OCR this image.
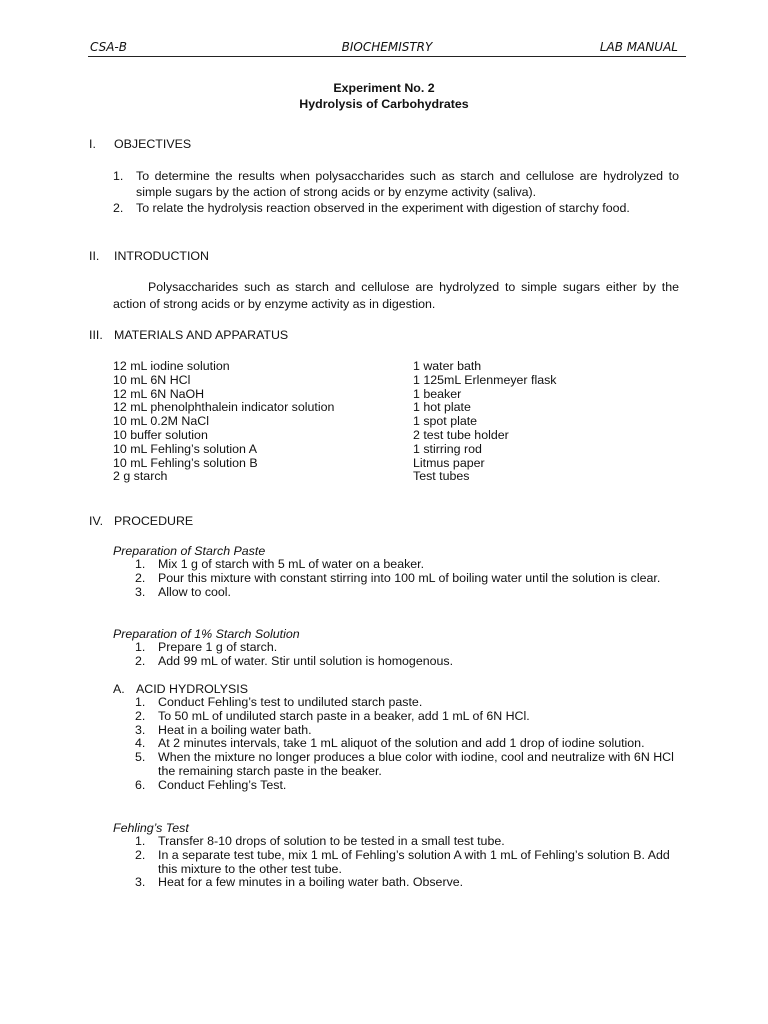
CSA-B	BIOCHEMISTRY	LAB MANUAL
Experiment No. 2
Hydrolysis of Carbohydrates
I. OBJECTIVES
1. To determine the results when polysaccharides such as starch and cellulose are hydrolyzed to simple sugars by the action of strong acids or by enzyme activity (saliva).
2. To relate the hydrolysis reaction observed in the experiment with digestion of starchy food.
II. INTRODUCTION
Polysaccharides such as starch and cellulose are hydrolyzed to simple sugars either by the action of strong acids or by enzyme activity as in digestion.
III. MATERIALS AND APPARATUS
12 mL iodine solution
10 mL 6N HCl
12 mL 6N NaOH
12 mL phenolphthalein indicator solution
10 mL 0.2M NaCl
10 buffer solution
10 mL Fehling’s solution A
10 mL Fehling’s solution B
2 g starch
1 water bath
1 125mL Erlenmeyer flask
1 beaker
1 hot plate
1 spot plate
2 test tube holder
1 stirring rod
Litmus paper
Test tubes
IV. PROCEDURE
Preparation of Starch Paste
1. Mix 1 g of starch with 5 mL of water on a beaker.
2. Pour this mixture with constant stirring into 100 mL of boiling water until the solution is clear.
3. Allow to cool.
Preparation of 1% Starch Solution
1. Prepare 1 g of starch.
2. Add 99 mL of water. Stir until solution is homogenous.
A. ACID HYDROLYSIS
1. Conduct Fehling’s test to undiluted starch paste.
2. To 50 mL of undiluted starch paste in a beaker, add 1 mL of 6N HCl.
3. Heat in a boiling water bath.
4. At 2 minutes intervals, take 1 mL aliquot of the solution and add 1 drop of iodine solution.
5. When the mixture no longer produces a blue color with iodine, cool and neutralize with 6N HCl the remaining starch paste in the beaker.
6. Conduct Fehling’s Test.
Fehling’s Test
1. Transfer 8-10 drops of solution to be tested in a small test tube.
2. In a separate test tube, mix 1 mL of Fehling’s solution A with 1 mL of Fehling’s solution B. Add this mixture to the other test tube.
3. Heat for a few minutes in a boiling water bath. Observe.
